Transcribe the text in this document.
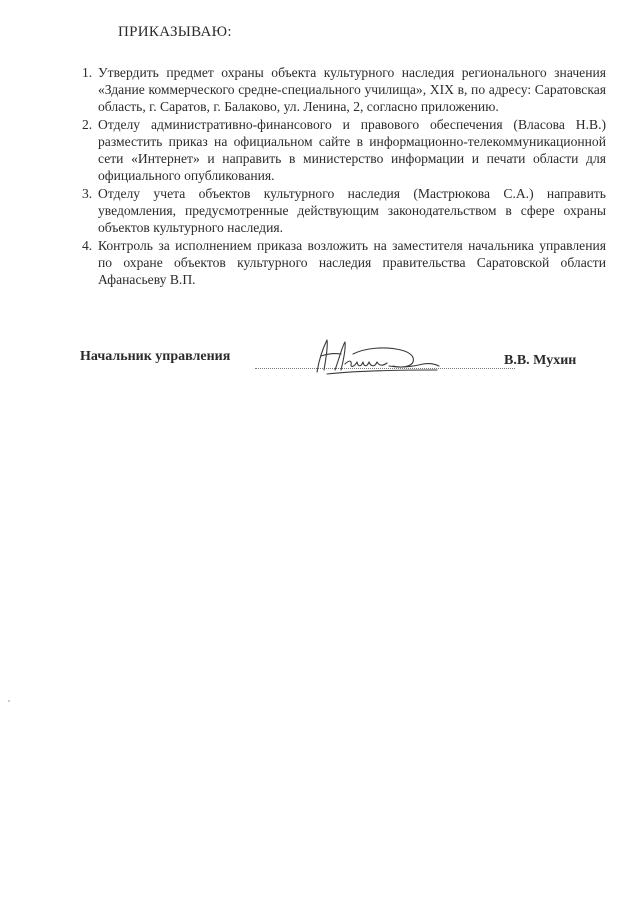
ПРИКАЗЫВАЮ:
1. Утвердить предмет охраны объекта культурного наследия регионального значения «Здание коммерческого средне-специального училища», XIX в, по адресу: Саратовская область, г. Саратов, г. Балаково, ул. Ленина, 2, согласно приложению.
2. Отделу административно-финансового и правового обеспечения (Власова Н.В.) разместить приказ на официальном сайте в информационно-телекоммуникационной сети «Интернет» и направить в министерство информации и печати области для официального опубликования.
3. Отделу учета объектов культурного наследия (Мастрюкова С.А.) направить уведомления, предусмотренные действующим законодательством в сфере охраны объектов культурного наследия.
4. Контроль за исполнением приказа возложить на заместителя начальника управления по охране объектов культурного наследия правительства Саратовской области Афанасьеву В.П.
Начальник управления	В.В. Мухин
